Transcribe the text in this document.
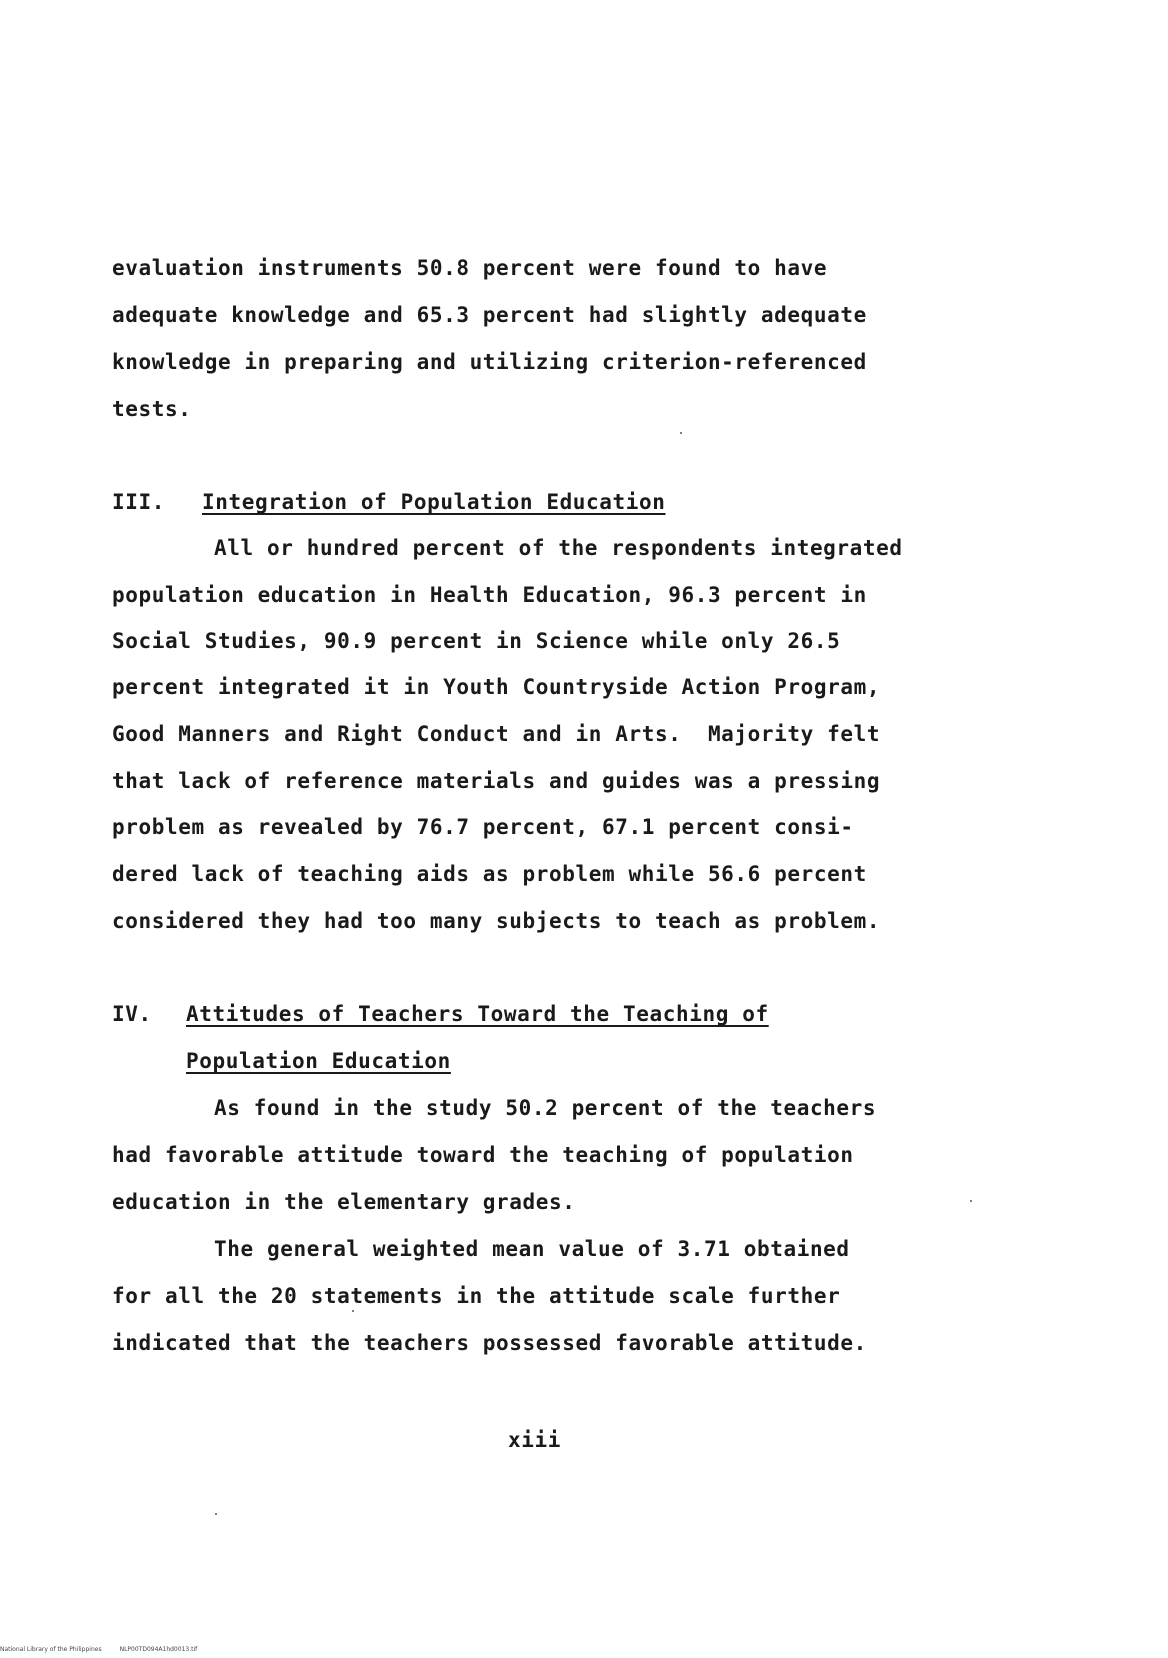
evaluation instruments 50.8 percent were found to have
adequate knowledge and 65.3 percent had slightly adequate
knowledge in preparing and utilizing criterion-referenced
tests.
III. Integration of Population Education
All or hundred percent of the respondents integrated
population education in Health Education, 96.3 percent in
Social Studies, 90.9 percent in Science while only 26.5
percent integrated it in Youth Countryside Action Program,
Good Manners and Right Conduct and in Arts.  Majority felt
that lack of reference materials and guides was a pressing
problem as revealed by 76.7 percent, 67.1 percent consi-
dered lack of teaching aids as problem while 56.6 percent
considered they had too many subjects to teach as problem.
IV. Attitudes of Teachers Toward the Teaching of
Population Education
As found in the study 50.2 percent of the teachers
had favorable attitude toward the teaching of population
education in the elementary grades.
The general weighted mean value of 3.71 obtained
for all the 20 statements in the attitude scale further
indicated that the teachers possessed favorable attitude.
xiii
National Library of the Philippines	NLP00TD094A1hd0013.tif
